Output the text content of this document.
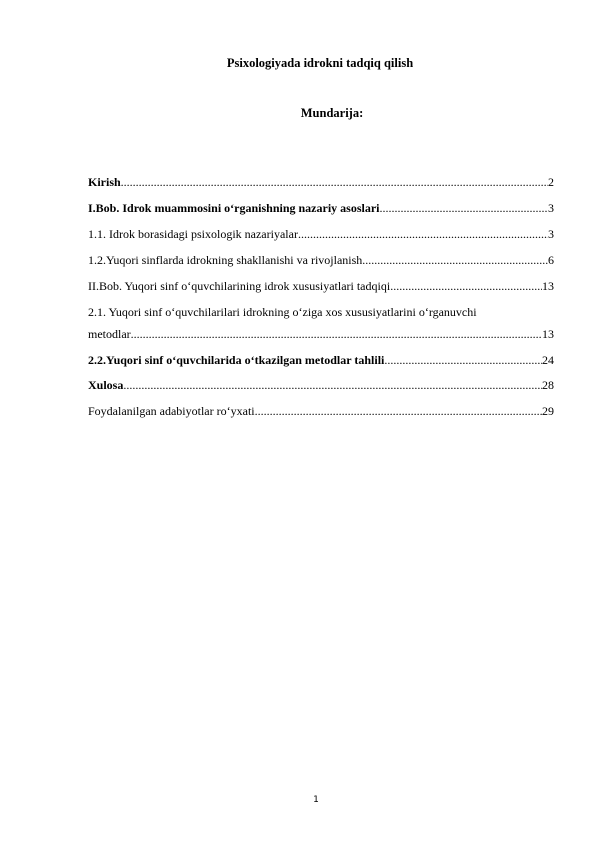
Psixologiyada idrokni tadqiq qilish
Mundarija:
Kirish .....	2
I.Bob. Idrok muammosini o‘rganishning nazariy asoslari .....	3
1.1. Idrok borasidagi psixologik nazariyalar .....	3
1.2.Yuqori sinflarda idrokning shakllanishi va rivojlanish .....	6
II.Bob. Yuqori sinf o‘quvchilarining idrok xususiyatlari tadqiqi .....	13
2.1. Yuqori sinf o‘quvchilarilari idrokning o‘ziga xos xususiyatlarini o‘rganuvchi
metodlar .....	13
2.2.Yuqori sinf o‘quvchilarida o‘tkazilgan metodlar tahlili .....	24
Xulosa .....	28
Foydalanilgan adabiyotlar ro‘yxati .....	29
1
